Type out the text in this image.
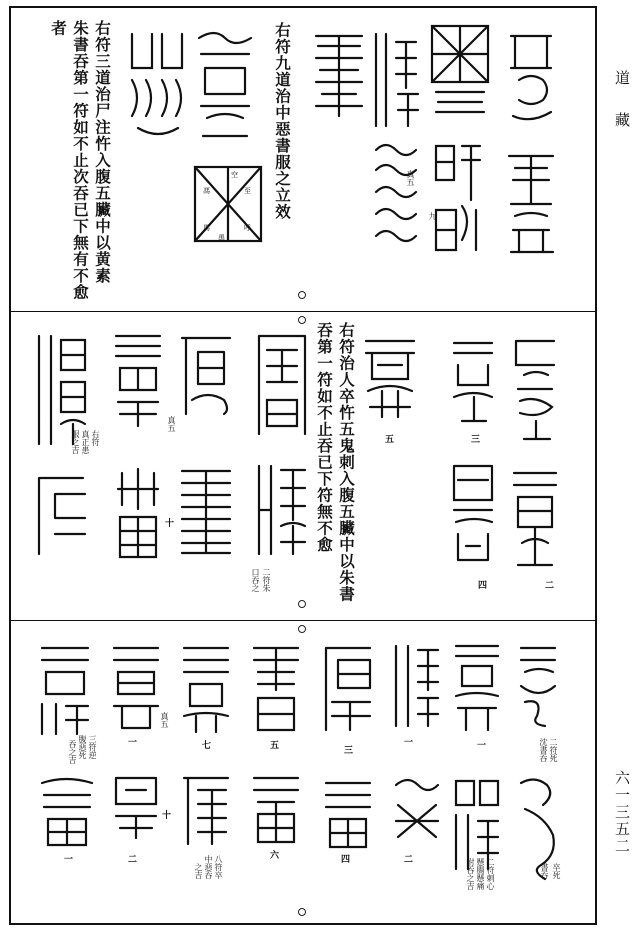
道　藏
六一三五二
右符九道治中惡書服之立效
右符三道治尸注忤入腹五臟中以黄素
朱書吞第一符如不止次吞已下無有不愈
者
真五
九
空
至
呼
馮
馬
禹
右符治人卒忤五鬼刺入腹五臟中以朱書
吞第一符如不止吞已下符無不愈	五	三
二
四
十
二符朱
口吞之
右符
真正患
服之吉
真五
二符死
沈書吞
卒死
書吞
二符刺心
懸腸懸痛
附吞之吉
三符逆
腹惡死
吞之吉
八符卒
中惡吞
之吉
一
一
三
五
七
一
真五
二
四
六
十
二
一
